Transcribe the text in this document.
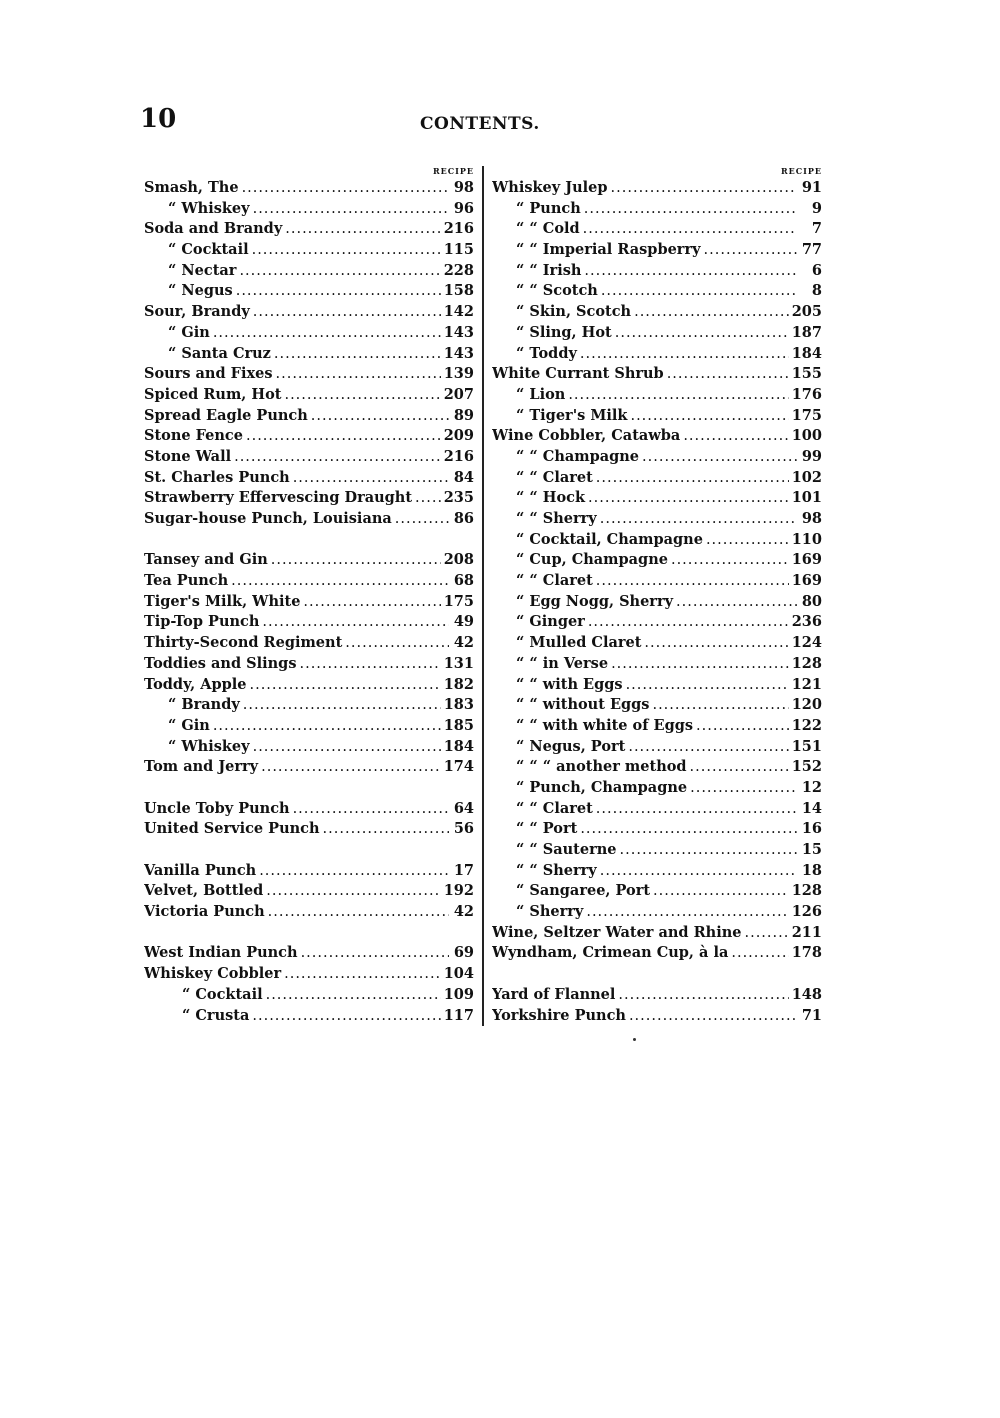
10	CONTENTS.
RECIPE
Smash, The .....	98
“ Whiskey .....	96
Soda and Brandy .....	216
“ Cocktail .....	115
“ Nectar .....	228
“ Negus .....	158
Sour, Brandy .....	142
“ Gin .....	143
“ Santa Cruz .....	143
Sours and Fixes .....	139
Spiced Rum, Hot .....	207
Spread Eagle Punch .....	89
Stone Fence .....	209
Stone Wall .....	216
St. Charles Punch .....	84
Strawberry Effervescing Draught ..... 235
Sugar-house Punch, Louisiana .....	86
Tansey and Gin .....	208
Tea Punch .....	68
Tiger's Milk, White .....	175
Tip-Top Punch .....	49
Thirty-Second Regiment .....	42
Toddies and Slings .....	131
Toddy, Apple .....	182
“ Brandy .....	183
“ Gin .....	185
“ Whiskey .....	184
Tom and Jerry .....	174
Uncle Toby Punch .....	64
United Service Punch .....	56
Vanilla Punch .....	17
Velvet, Bottled .....	192
Victoria Punch .....	42
West Indian Punch .....	69
Whiskey Cobbler .....	104
“ Cocktail .....	109
“ Crusta .....	117
RECIPE
Whiskey Julep .....	91
“ Punch .....	9
“ “ Cold .....	7
“ “ Imperial Raspberry .....	77
“ “ Irish .....	6
“ “ Scotch .....	8
“ Skin, Scotch .....	205
“ Sling, Hot .....	187
“ Toddy .....	184
White Currant Shrub .....	155
“ Lion .....	176
“ Tiger's Milk .....	175
Wine Cobbler, Catawba .....	100
“ “ Champagne .....	99
“ “ Claret .....	102
“ “ Hock .....	101
“ “ Sherry .....	98
“ Cocktail, Champagne .....	110
“ Cup, Champagne .....	169
“ “ Claret .....	169
“ Egg Nogg, Sherry .....	80
“ Ginger .....	236
“ Mulled Claret .....	124
“ “ in Verse .....	128
“ “ with Eggs .....	121
“ “ without Eggs .....	120
“ “ with white of Eggs .....	122
“ Negus, Port .....	151
“ “ “ another method .....	152
“ Punch, Champagne .....	12
“ “ Claret .....	14
“ “ Port .....	16
“ “ Sauterne .....	15
“ “ Sherry .....	18
“ Sangaree, Port .....	128
“ Sherry .....	126
Wine, Seltzer Water and Rhine .....	211
Wyndham, Crimean Cup, à la .....	178
Yard of Flannel .....	148
Yorkshire Punch .....	71
